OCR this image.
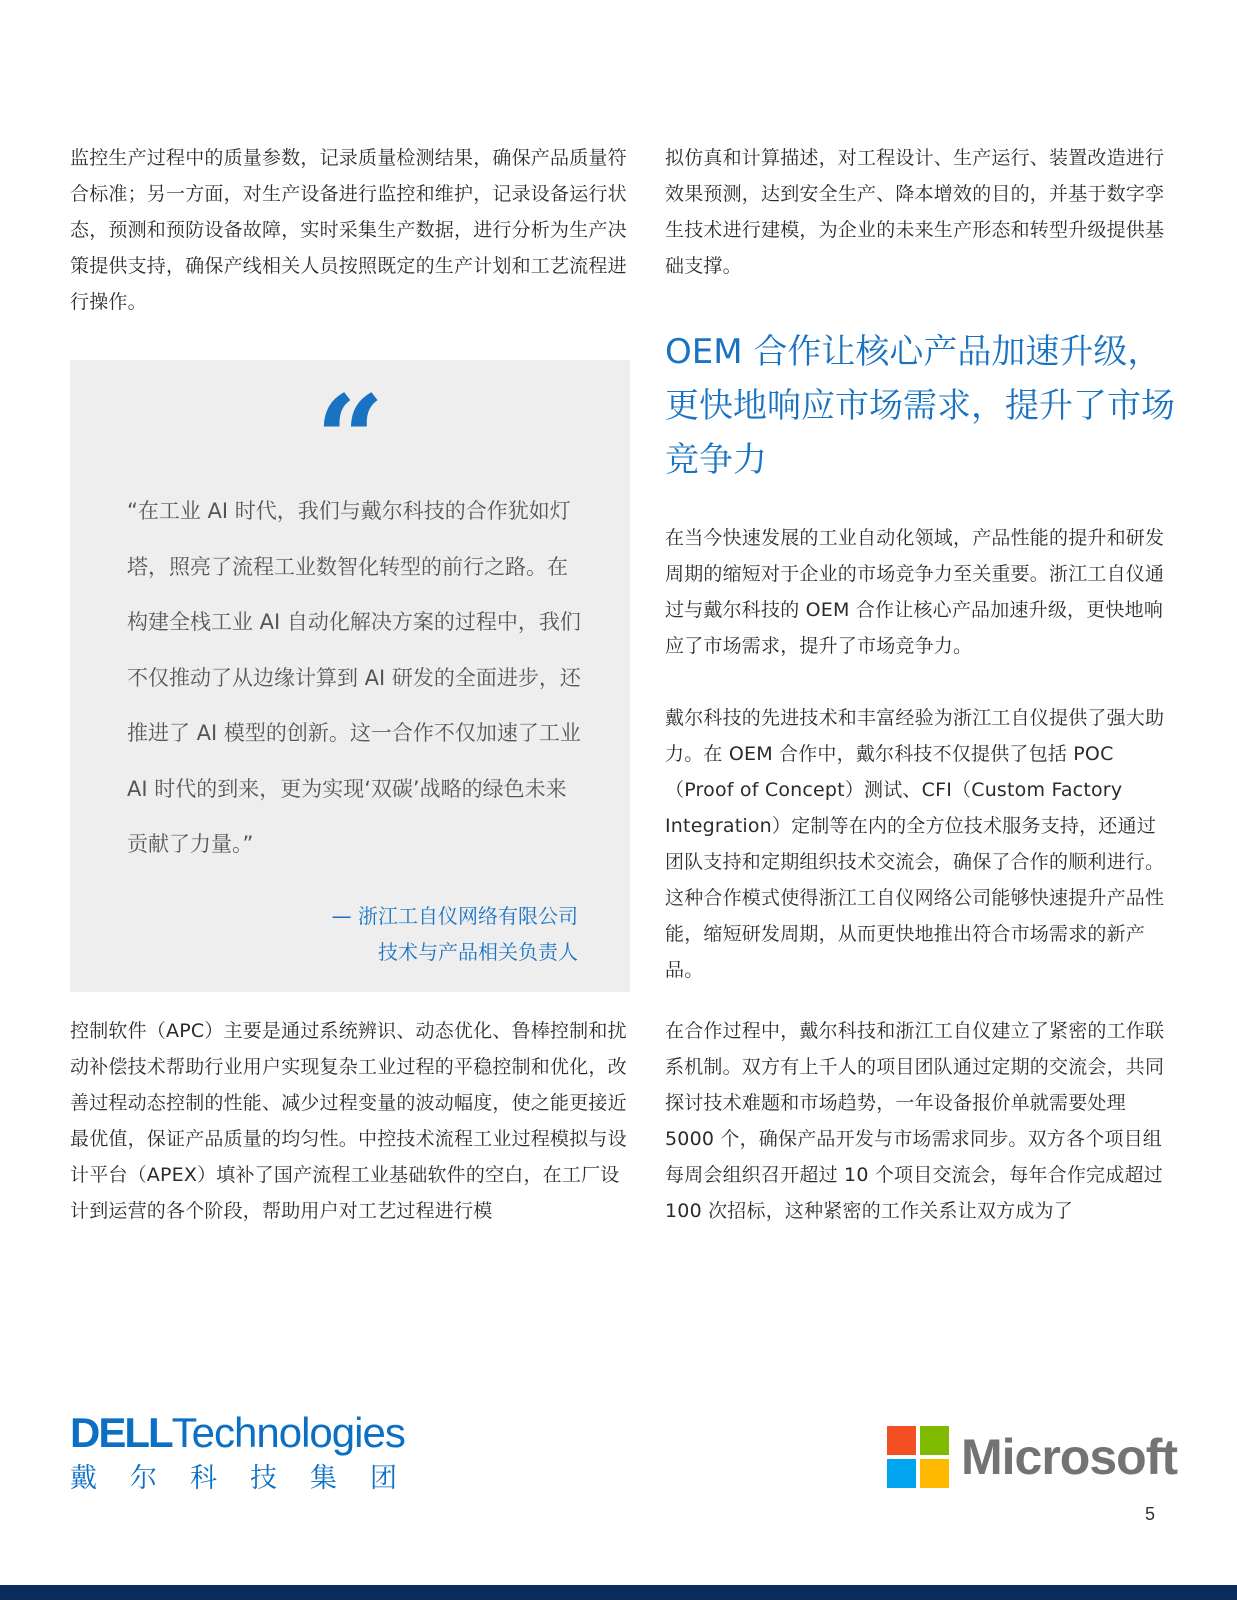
监控生产过程中的质量参数，记录质量检测结果，确保产品质量符合标准；另一方面，对生产设备进行监控和维护，记录设备运行状态，预测和预防设备故障，实时采集生产数据，进行分析为生产决策提供支持，确保产线相关人员按照既定的生产计划和工艺流程进行操作。

“

“在工业 AI 时代，我们与戴尔科技的合作犹如灯塔，照亮了流程工业数智化转型的前行之路。在构建全栈工业 AI 自动化解决方案的过程中，我们不仅推动了从边缘计算到 AI 研发的全面进步，还推进了 AI 模型的创新。这一合作不仅加速了工业 AI 时代的到来，更为实现‘双碳’战略的绿色未来贡献了力量。”

— 浙江工自仪网络有限公司
技术与产品相关负责人

控制软件（APC）主要是通过系统辨识、动态优化、鲁棒控制和扰动补偿技术帮助行业用户实现复杂工业过程的平稳控制和优化，改善过程动态控制的性能、减少过程变量的波动幅度，使之能更接近最优值，保证产品质量的均匀性。中控技术流程工业过程模拟与设计平台（APEX）填补了国产流程工业基础软件的空白，在工厂设计到运营的各个阶段，帮助用户对工艺过程进行模

拟仿真和计算描述，对工程设计、生产运行、装置改造进行效果预测，达到安全生产、降本增效的目的，并基于数字孪生技术进行建模，为企业的未来生产形态和转型升级提供基础支撑。

OEM 合作让核心产品加速升级，更快地响应市场需求，提升了市场竞争力

在当今快速发展的工业自动化领域，产品性能的提升和研发周期的缩短对于企业的市场竞争力至关重要。浙江工自仪通过与戴尔科技的 OEM 合作让核心产品加速升级，更快地响应了市场需求，提升了市场竞争力。

戴尔科技的先进技术和丰富经验为浙江工自仪提供了强大助力。在 OEM 合作中，戴尔科技不仅提供了包括 POC（Proof of Concept）测试、CFI（Custom Factory Integration）定制等在内的全方位技术服务支持，还通过团队支持和定期组织技术交流会，确保了合作的顺利进行。这种合作模式使得浙江工自仪网络公司能够快速提升产品性能，缩短研发周期，从而更快地推出符合市场需求的新产品。

在合作过程中，戴尔科技和浙江工自仪建立了紧密的工作联系机制。双方有上千人的项目团队通过定期的交流会，共同探讨技术难题和市场趋势，一年设备报价单就需要处理 5000 个，确保产品开发与市场需求同步。双方各个项目组每周会组织召开超过 10 个项目交流会，每年合作完成超过 100 次招标，这种紧密的工作关系让双方成为了

DELLTechnologies
戴尔科技集团	Microsoft
5
